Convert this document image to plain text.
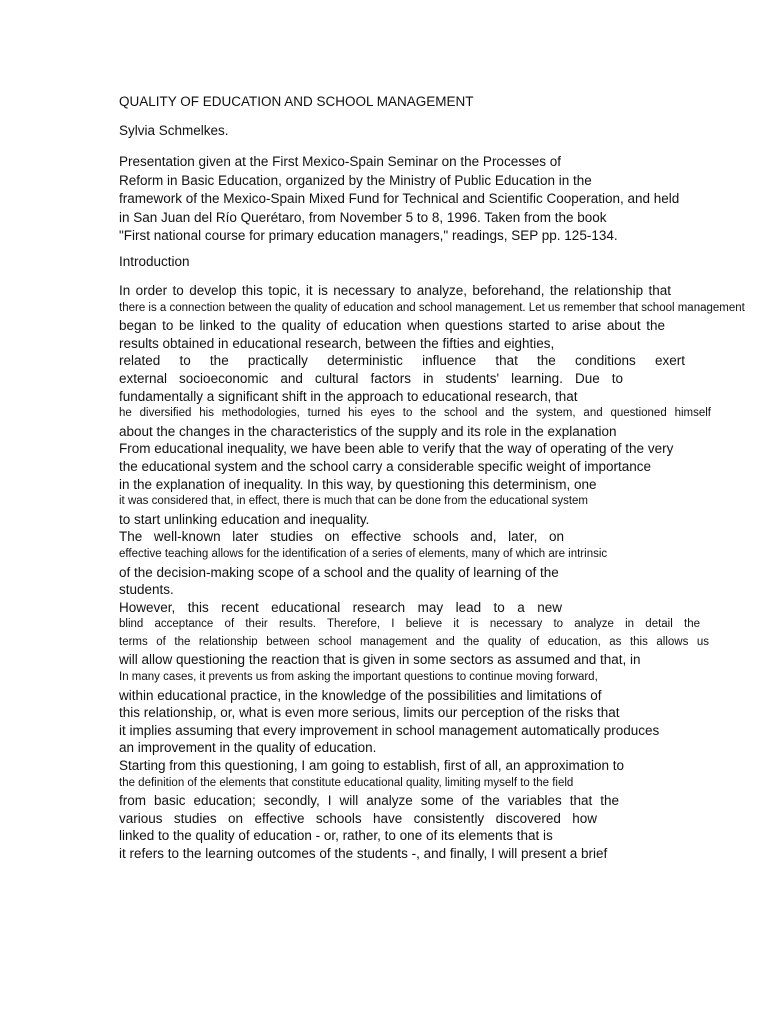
QUALITY OF EDUCATION AND SCHOOL MANAGEMENT
Sylvia Schmelkes.
Presentation given at the First Mexico-Spain Seminar on the Processes of
Reform in Basic Education, organized by the Ministry of Public Education in the
framework of the Mexico-Spain Mixed Fund for Technical and Scientific Cooperation, and held
in San Juan del Río Querétaro, from November 5 to 8, 1996. Taken from the book
"First national course for primary education managers," readings, SEP pp. 125-134.
Introduction
In order to develop this topic, it is necessary to analyze, beforehand, the relationship that
there is a connection between the quality of education and school management. Let us remember that school management
began to be linked to the quality of education when questions started to arise about the
results obtained in educational research, between the fifties and eighties,
related to the practically deterministic influence that the conditions exert
external socioeconomic and cultural factors in students' learning. Due to
fundamentally a significant shift in the approach to educational research, that
he diversified his methodologies, turned his eyes to the school and the system, and questioned himself
about the changes in the characteristics of the supply and its role in the explanation
From educational inequality, we have been able to verify that the way of operating of the very
the educational system and the school carry a considerable specific weight of importance
in the explanation of inequality. In this way, by questioning this determinism, one
it was considered that, in effect, there is much that can be done from the educational system
to start unlinking education and inequality.
The well-known later studies on effective schools and, later, on
effective teaching allows for the identification of a series of elements, many of which are intrinsic
of the decision-making scope of a school and the quality of learning of the
students.
However, this recent educational research may lead to a new
blind acceptance of their results. Therefore, I believe it is necessary to analyze in detail the
terms of the relationship between school management and the quality of education, as this allows us
will allow questioning the reaction that is given in some sectors as assumed and that, in
In many cases, it prevents us from asking the important questions to continue moving forward,
within educational practice, in the knowledge of the possibilities and limitations of
this relationship, or, what is even more serious, limits our perception of the risks that
it implies assuming that every improvement in school management automatically produces
an improvement in the quality of education.
Starting from this questioning, I am going to establish, first of all, an approximation to
the definition of the elements that constitute educational quality, limiting myself to the field
from basic education; secondly, I will analyze some of the variables that the
various studies on effective schools have consistently discovered how
linked to the quality of education - or, rather, to one of its elements that is
it refers to the learning outcomes of the students -, and finally, I will present a brief
